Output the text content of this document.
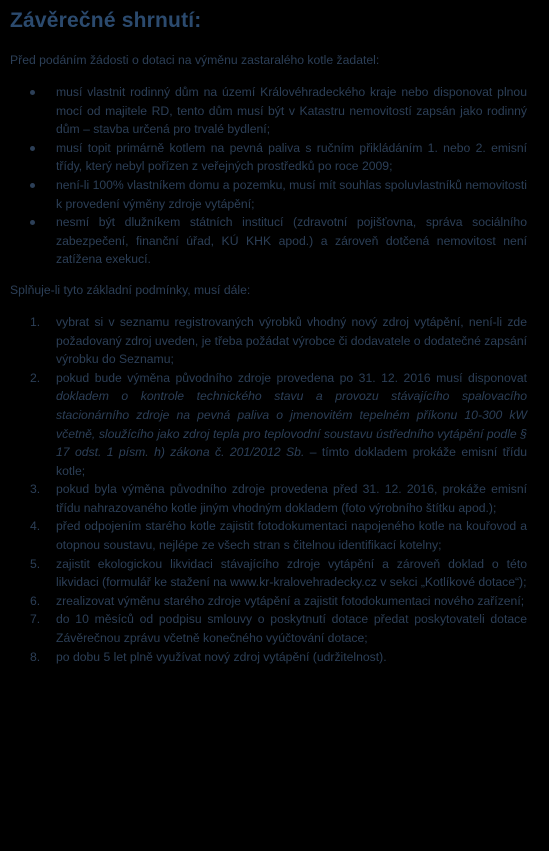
Závěrečné shrnutí:
Před podáním žádosti o dotaci na výměnu zastaralého kotle žadatel:
musí vlastnit rodinný dům na území Královéhradeckého kraje nebo disponovat plnou mocí od majitele RD, tento dům musí být v Katastru nemovitostí zapsán jako rodinný dům – stavba určená pro trvalé bydlení;
musí topit primárně kotlem na pevná paliva s ručním přikládáním 1. nebo 2. emisní třídy, který nebyl pořízen z veřejných prostředků po roce 2009;
není-li 100% vlastníkem domu a pozemku, musí mít souhlas spoluvlastníků nemovitosti k provedení výměny zdroje vytápění;
nesmí být dlužníkem státních institucí (zdravotní pojišťovna, správa sociálního zabezpečení, finanční úřad, KÚ KHK apod.) a zároveň dotčená nemovitost není zatížena exekucí.
Splňuje-li tyto základní podmínky, musí dále:
1. vybrat si v seznamu registrovaných výrobků vhodný nový zdroj vytápění, není-li zde požadovaný zdroj uveden, je třeba požádat výrobce či dodavatele o dodatečné zapsání výrobku do Seznamu;
2. pokud bude výměna původního zdroje provedena po 31. 12. 2016 musí disponovat dokladem o kontrole technického stavu a provozu stávajícího spalovacího stacionárního zdroje na pevná paliva o jmenovitém tepelném příkonu 10-300 kW včetně, sloužícího jako zdroj tepla pro teplovodní soustavu ústředního vytápění podle § 17 odst. 1 písm. h) zákona č. 201/2012 Sb. – tímto dokladem prokáže emisní třídu kotle;
3. pokud byla výměna původního zdroje provedena před 31. 12. 2016, prokáže emisní třídu nahrazovaného kotle jiným vhodným dokladem (foto výrobního štítku apod.);
4. před odpojením starého kotle zajistit fotodokumentaci napojeného kotle na kouřovod a otopnou soustavu, nejlépe ze všech stran s čitelnou identifikací kotelny;
5. zajistit ekologickou likvidaci stávajícího zdroje vytápění a zároveň doklad o této likvidaci (formulář ke stažení na www.kr-kralovehradecky.cz v sekci „Kotlíkové dotace“);
6. zrealizovat výměnu starého zdroje vytápění a zajistit fotodokumentaci nového zařízení;
7. do 10 měsíců od podpisu smlouvy o poskytnutí dotace předat poskytovateli dotace Závěrečnou zprávu včetně konečného vyúčtování dotace;
8. po dobu 5 let plně využívat nový zdroj vytápění (udržitelnost).
